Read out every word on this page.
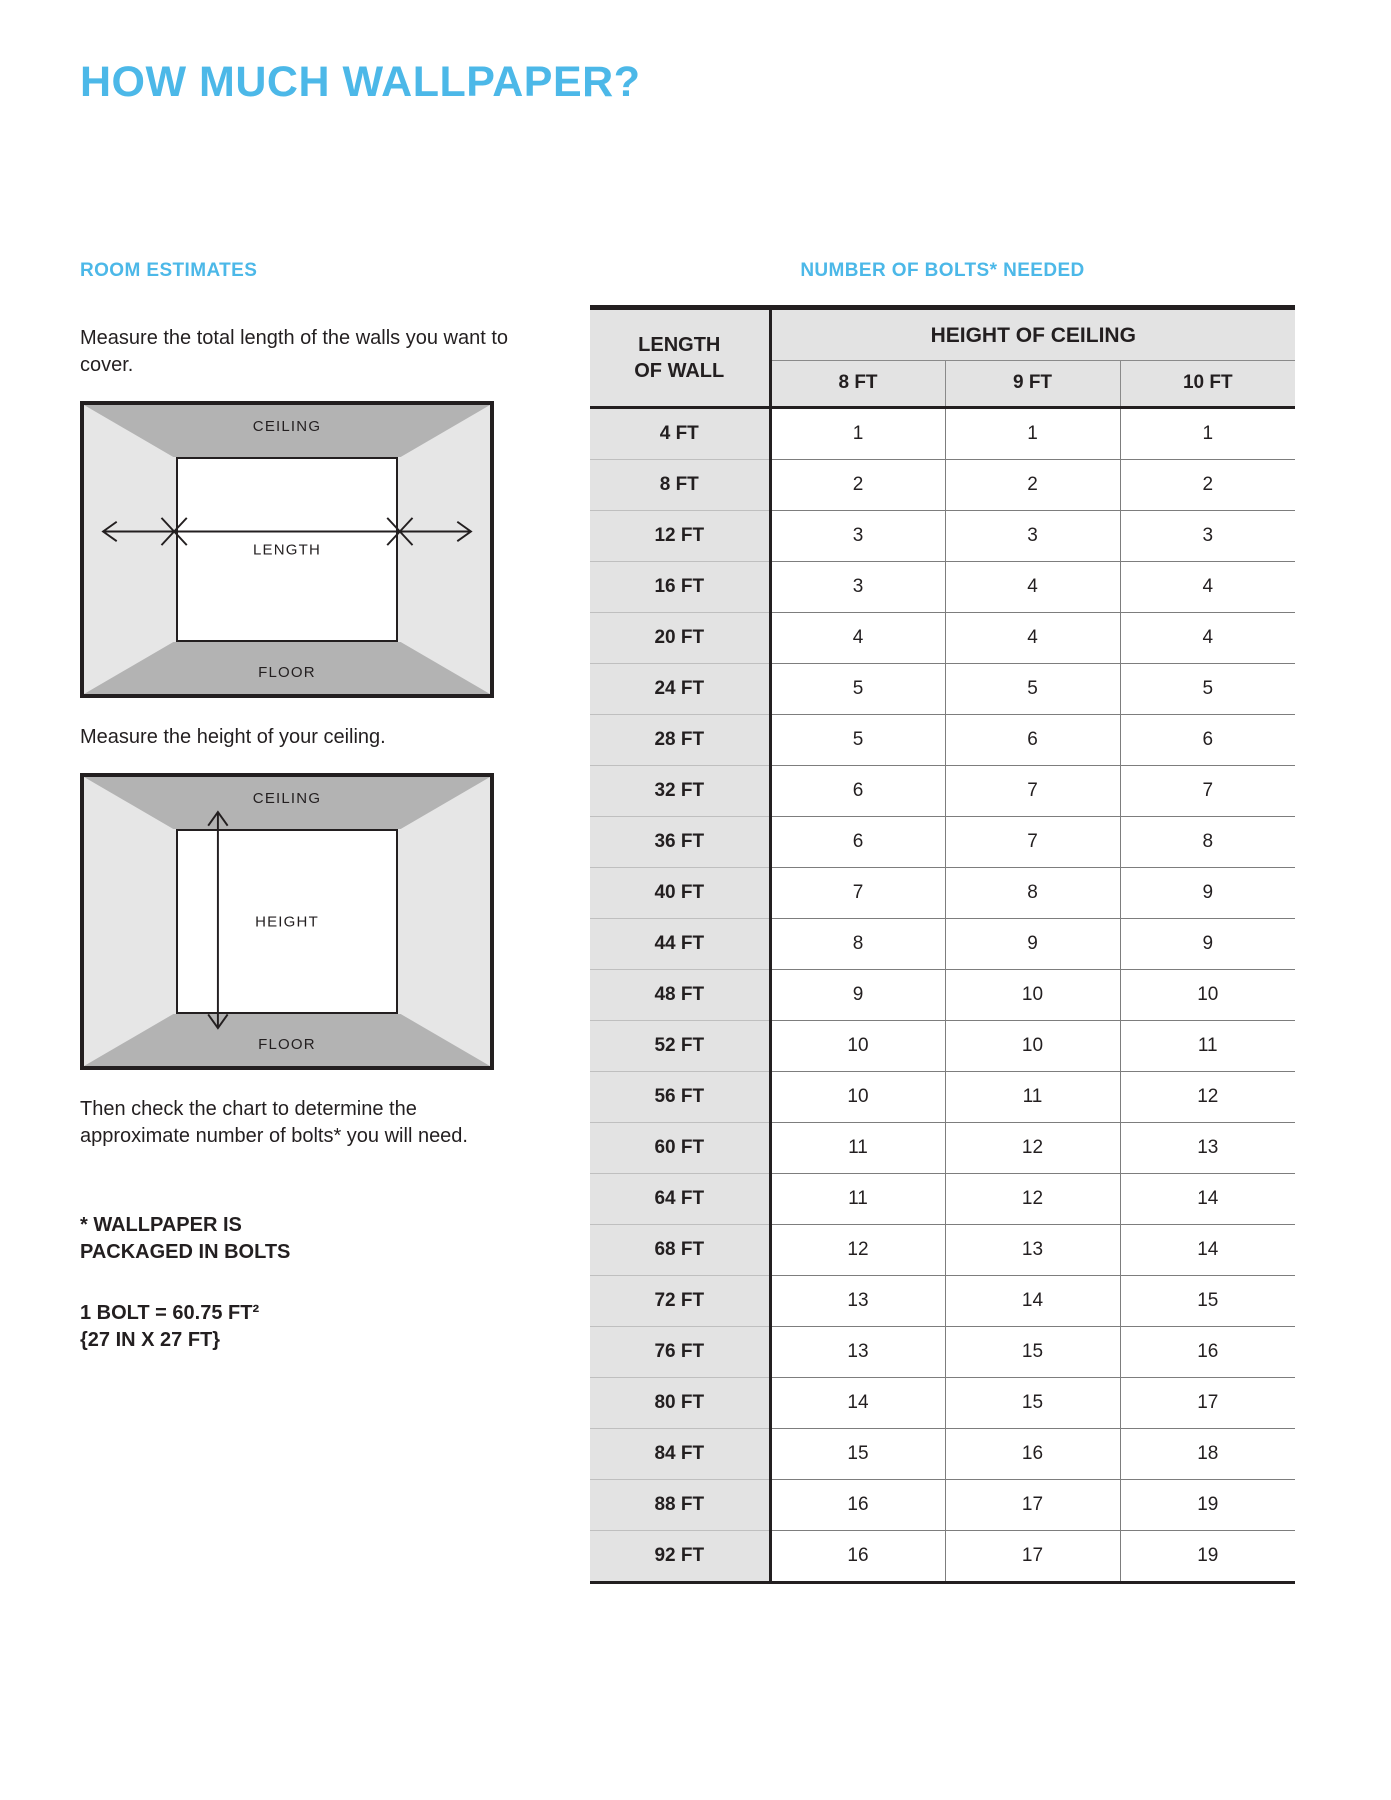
HOW MUCH WALLPAPER?
ROOM ESTIMATES
Measure the total length of the walls you want to cover.
CEILING
FLOOR
LENGTH
Measure the height of your ceiling.
CEILING
FLOOR
HEIGHT
Then check the chart to determine the approximate number of bolts* you will need.
* WALLPAPER IS
PACKAGED IN BOLTS
1 BOLT = 60.75 FT²
{27 IN X 27 FT}
NUMBER OF BOLTS* NEEDED
LENGTH
OF WALL	HEIGHT OF CEILING		
	8 FT	9 FT	10 FT
4 FT	1	1	1
8 FT	2	2	2
12 FT	3	3	3
16 FT	3	4	4
20 FT	4	4	4
24 FT	5	5	5
28 FT	5	6	6
32 FT	6	7	7
36 FT	6	7	8
40 FT	7	8	9
44 FT	8	9	9
48 FT	9	10	10
52 FT	10	10	11
56 FT	10	11	12
60 FT	11	12	13
64 FT	11	12	14
68 FT	12	13	14
72 FT	13	14	15
76 FT	13	15	16
80 FT	14	15	17
84 FT	15	16	18
88 FT	16	17	19
92 FT	16	17	19
